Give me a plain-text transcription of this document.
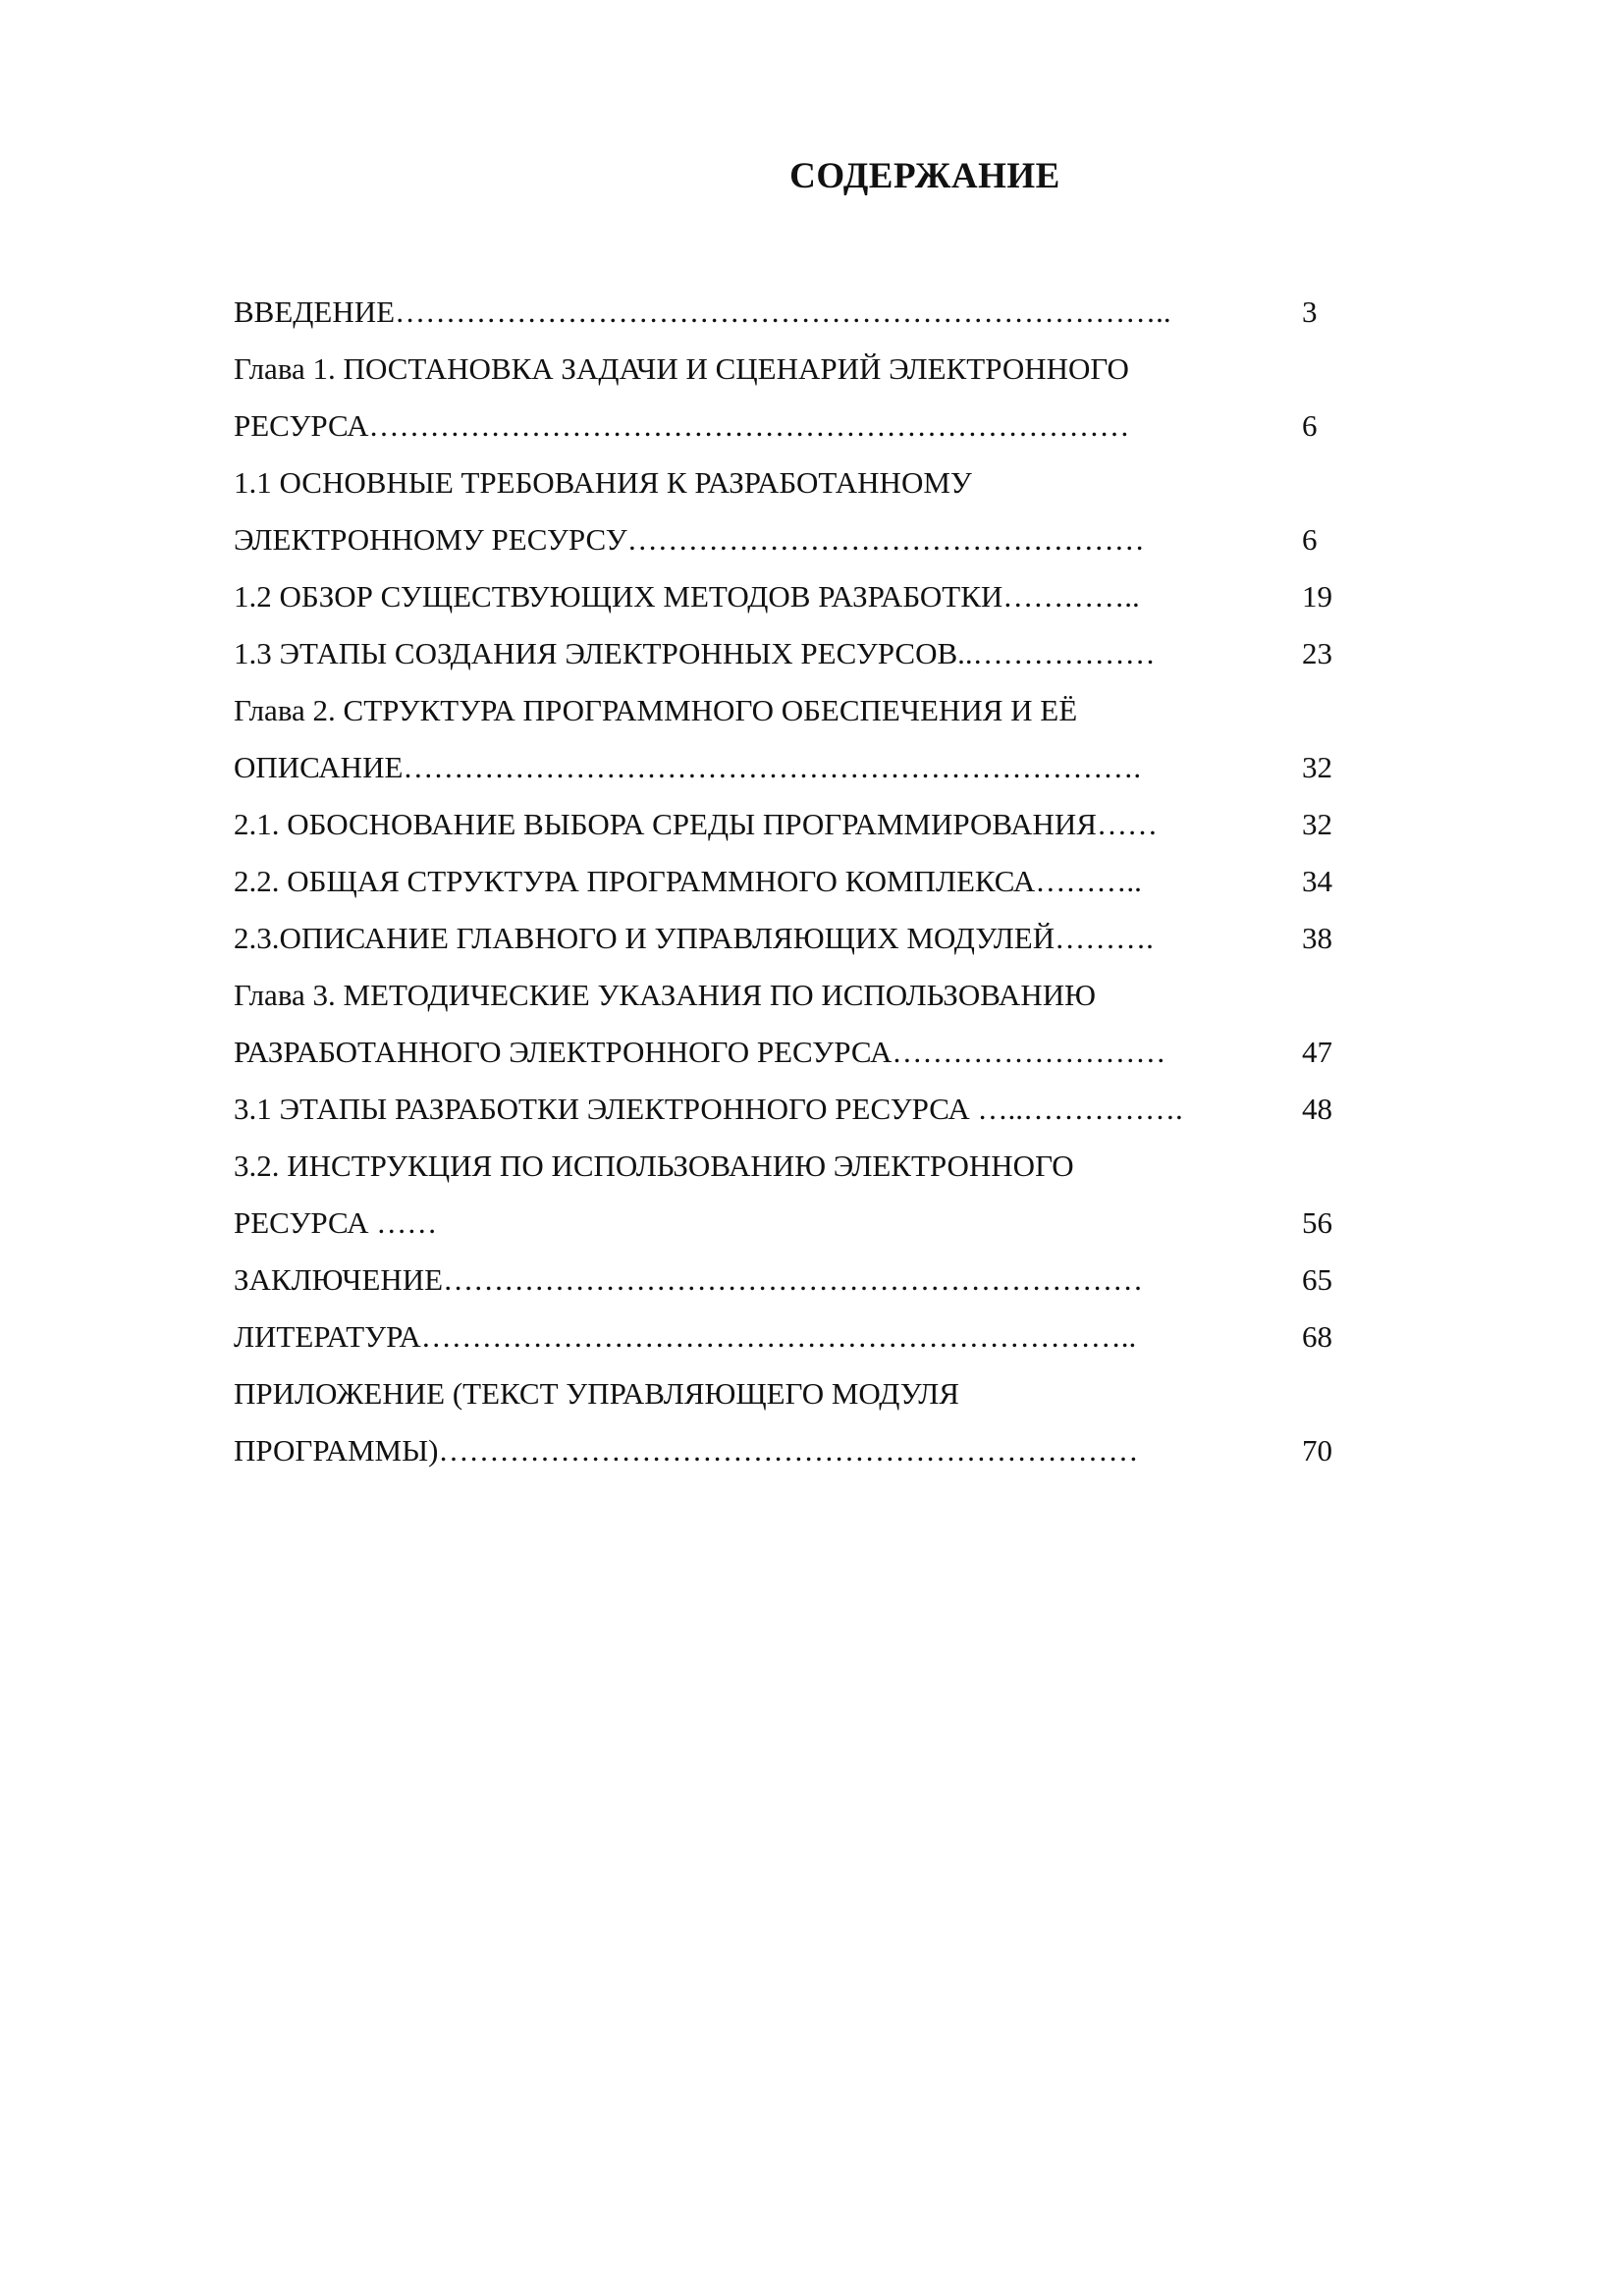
СОДЕРЖАНИЕ
ВВЕДЕНИЕ…………………………………………………………………..	3
Глава 1. ПОСТАНОВКА ЗАДАЧИ И СЦЕНАРИЙ ЭЛЕКТРОННОГО
РЕСУРСА…………………………………………………………………	6
1.1 ОСНОВНЫЕ ТРЕБОВАНИЯ К РАЗРАБОТАННОМУ
ЭЛЕКТРОННОМУ РЕСУРСУ……………………………………………	6
1.2 ОБЗОР СУЩЕСТВУЮЩИХ МЕТОДОВ РАЗРАБОТКИ…………..	19
1.3 ЭТАПЫ СОЗДАНИЯ ЭЛЕКТРОННЫХ РЕСУРСОВ..………………	23
Глава 2. СТРУКТУРА ПРОГРАММНОГО ОБЕСПЕЧЕНИЯ И ЕЁ
ОПИСАНИЕ……………………………………………………………….	32
2.1. ОБОСНОВАНИЕ ВЫБОРА СРЕДЫ ПРОГРАММИРОВАНИЯ……	32
2.2. ОБЩАЯ СТРУКТУРА ПРОГРАММНОГО КОМПЛЕКСА………..	34
2.3.ОПИСАНИЕ ГЛАВНОГО И УПРАВЛЯЮЩИХ МОДУЛЕЙ……….	38
Глава 3. МЕТОДИЧЕСКИЕ УКАЗАНИЯ ПО ИСПОЛЬЗОВАНИЮ
РАЗРАБОТАННОГО ЭЛЕКТРОННОГО РЕСУРСА………………………	47
3.1 ЭТАПЫ РАЗРАБОТКИ ЭЛЕКТРОННОГО РЕСУРСА …..…………….	48
3.2. ИНСТРУКЦИЯ ПО ИСПОЛЬЗОВАНИЮ ЭЛЕКТРОННОГО
РЕСУРСА ……	56
ЗАКЛЮЧЕНИЕ……………………………………………………………	65
ЛИТЕРАТУРА……………………………………………………………..	68
ПРИЛОЖЕНИЕ (ТЕКСТ УПРАВЛЯЮЩЕГО МОДУЛЯ
ПРОГРАММЫ)……………………………………………………………	70
